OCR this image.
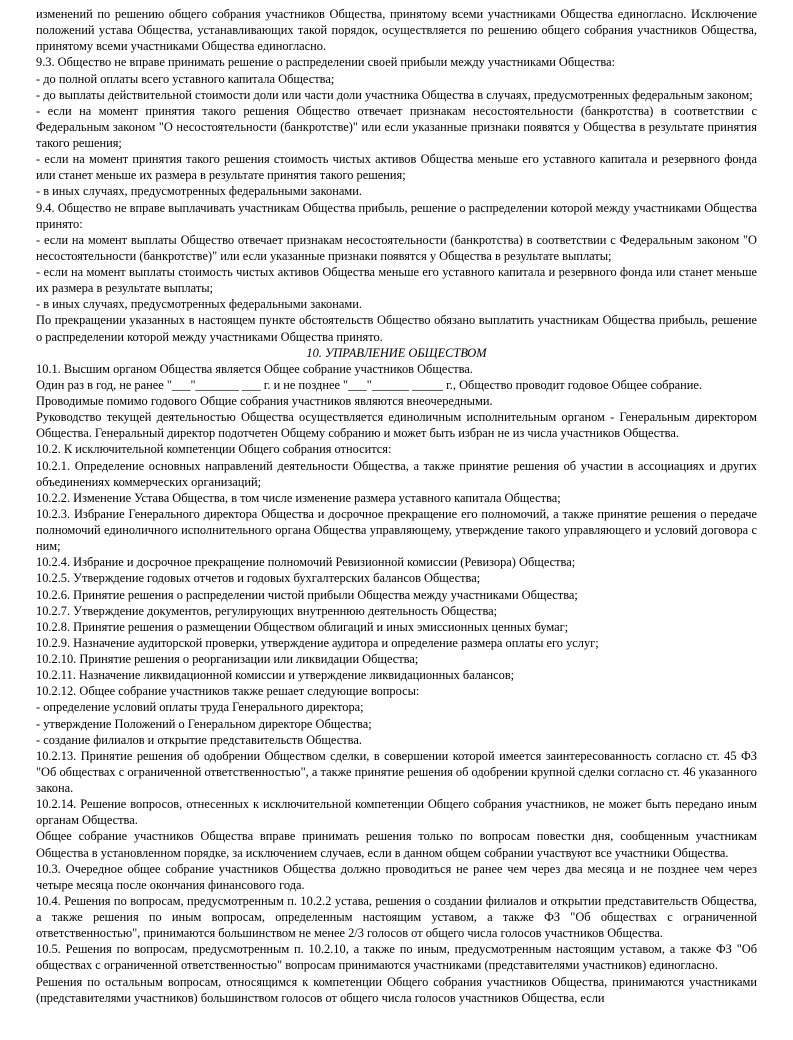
изменений по решению общего собрания участников Общества, принятому всеми участниками Общества единогласно. Исключение положений устава Общества, устанавливающих такой порядок, осуществляется по решению общего собрания участников Общества, принятому всеми участниками Общества единогласно.

9.3. Общество не вправе принимать решение о распределении своей прибыли между участниками Общества:

- до полной оплаты всего уставного капитала Общества;

- до выплаты действительной стоимости доли или части доли участника Общества в случаях, предусмотренных федеральным законом;

- если на момент принятия такого решения Общество отвечает признакам несостоятельности (банкротства) в соответствии с Федеральным законом "О несостоятельности (банкротстве)" или если указанные признаки появятся у Общества в результате принятия такого решения;

- если на момент принятия такого решения стоимость чистых активов Общества меньше его уставного капитала и резервного фонда или станет меньше их размера в результате принятия такого решения;

- в иных случаях, предусмотренных федеральными законами.

9.4. Общество не вправе выплачивать участникам Общества прибыль, решение о распределении которой между участниками Общества принято:

- если на момент выплаты Общество отвечает признакам несостоятельности (банкротства) в соответствии с Федеральным законом "О несостоятельности (банкротстве)" или если указанные признаки появятся у Общества в результате выплаты;

- если на момент выплаты стоимость чистых активов Общества меньше его уставного капитала и резервного фонда или станет меньше их размера в результате выплаты;

- в иных случаях, предусмотренных федеральными законами.

По прекращении указанных в настоящем пункте обстоятельств Общество обязано выплатить участникам Общества прибыль, решение о распределении которой между участниками Общества принято.

10. УПРАВЛЕНИЕ ОБЩЕСТВОМ

10.1. Высшим органом Общества является Общее собрание участников Общества.

Один раз в год, не ранее "___"_______ ___ г. и не позднее "___"______ _____ г., Общество проводит годовое Общее собрание.

Проводимые помимо годового Общие собрания участников являются внеочередными.

Руководство текущей деятельностью Общества осуществляется единоличным исполнительным органом - Генеральным директором Общества. Генеральный директор подотчетен Общему собранию и может быть избран не из числа участников Общества.

10.2. К исключительной компетенции Общего собрания относится:

10.2.1. Определение основных направлений деятельности Общества, а также принятие решения об участии в ассоциациях и других объединениях коммерческих организаций;

10.2.2. Изменение Устава Общества, в том числе изменение размера уставного капитала Общества;

10.2.3. Избрание Генерального директора Общества и досрочное прекращение его полномочий, а также принятие решения о передаче полномочий единоличного исполнительного органа Общества управляющему, утверждение такого управляющего и условий договора с ним;

10.2.4. Избрание и досрочное прекращение полномочий Ревизионной комиссии (Ревизора) Общества;

10.2.5. Утверждение годовых отчетов и годовых бухгалтерских балансов Общества;

10.2.6. Принятие решения о распределении чистой прибыли Общества между участниками Общества;

10.2.7. Утверждение документов, регулирующих внутреннюю деятельность Общества;

10.2.8. Принятие решения о размещении Обществом облигаций и иных эмиссионных ценных бумаг;

10.2.9. Назначение аудиторской проверки, утверждение аудитора и определение размера оплаты его услуг;

10.2.10. Принятие решения о реорганизации или ликвидации Общества;

10.2.11. Назначение ликвидационной комиссии и утверждение ликвидационных балансов;

10.2.12. Общее собрание участников также решает следующие вопросы:

- определение условий оплаты труда Генерального директора;

- утверждение Положений о Генеральном директоре Общества;

- создание филиалов и открытие представительств Общества.

10.2.13. Принятие решения об одобрении Обществом сделки, в совершении которой имеется заинтересованность согласно ст. 45 ФЗ "Об обществах с ограниченной ответственностью", а также принятие решения об одобрении крупной сделки согласно ст. 46 указанного закона.

10.2.14. Решение вопросов, отнесенных к исключительной компетенции Общего собрания участников, не может быть передано иным органам Общества.

Общее собрание участников Общества вправе принимать решения только по вопросам повестки дня, сообщенным участникам Общества в установленном порядке, за исключением случаев, если в данном общем собрании участвуют все участники Общества.

10.3. Очередное общее собрание участников Общества должно проводиться не ранее чем через два месяца и не позднее чем через четыре месяца после окончания финансового года.

10.4. Решения по вопросам, предусмотренным п. 10.2.2 устава, решения о создании филиалов и открытии представительств Общества, а также решения по иным вопросам, определенным настоящим уставом, а также ФЗ "Об обществах с ограниченной ответственностью", принимаются большинством не менее 2/3 голосов от общего числа голосов участников Общества.

10.5. Решения по вопросам, предусмотренным п. 10.2.10, а также по иным, предусмотренным настоящим уставом, а также ФЗ "Об обществах с ограниченной ответственностью" вопросам принимаются участниками (представителями участников) единогласно.

Решения по остальным вопросам, относящимся к компетенции Общего собрания участников Общества, принимаются участниками (представителями участников) большинством голосов от общего числа голосов участников Общества, если
